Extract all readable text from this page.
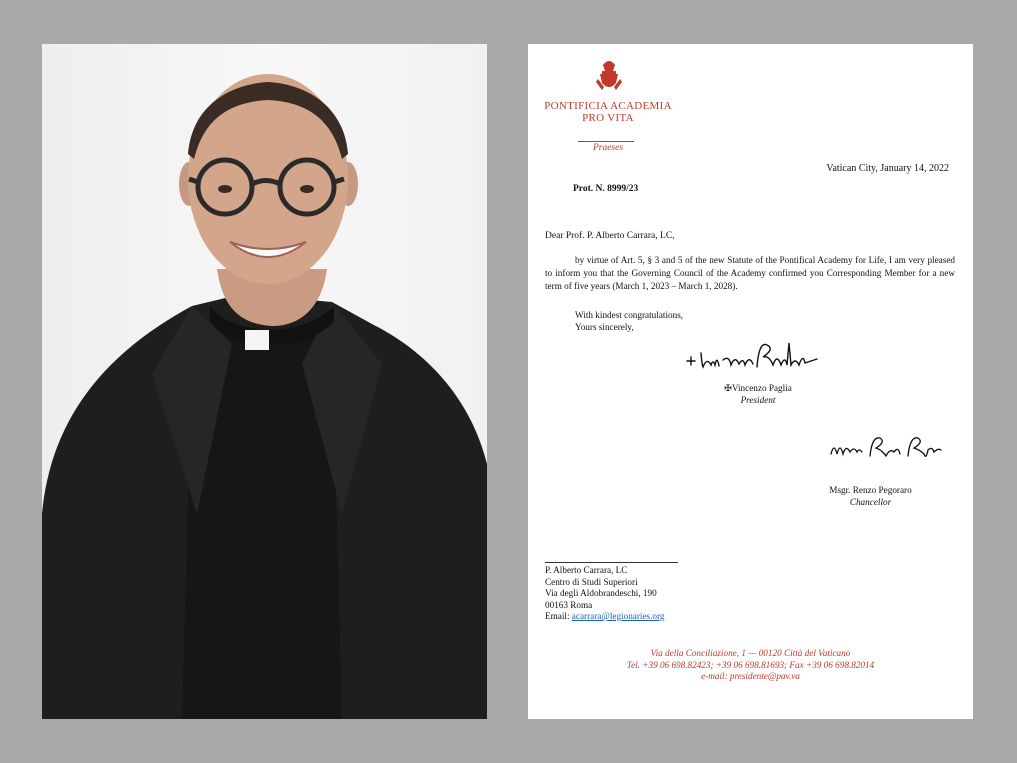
PONTIFICIA ACADEMIA
PRO VITA
Praeses
Vatican City, January 14, 2022
Prot. N. 8999/23
Dear Prof. P. Alberto Carrara, LC,
by virtue of Art. 5, § 3 and 5 of the new Statute of the Pontifical Academy for Life, I am very pleased to inform you that the Governing Council of the Academy confirmed you Corresponding Member for a new term of five years (March 1, 2023 – March 1, 2028).
With kindest congratulations,
Yours sincerely,
✠Vincenzo Paglia
President
Msgr. Renzo Pegoraro
Chancellor
P. Alberto Carrara, LC
Centro di Studi Superiori
Via degli Aldobrandeschi, 190
00163 Roma
Email: acarrara@legionaries.org
Via della Conciliazione, 1 — 00120 Città del Vaticano
Tel. +39 06 698.82423; +39 06 698.81693; Fax +39 06 698.82014
e-mail: presidente@pav.va
